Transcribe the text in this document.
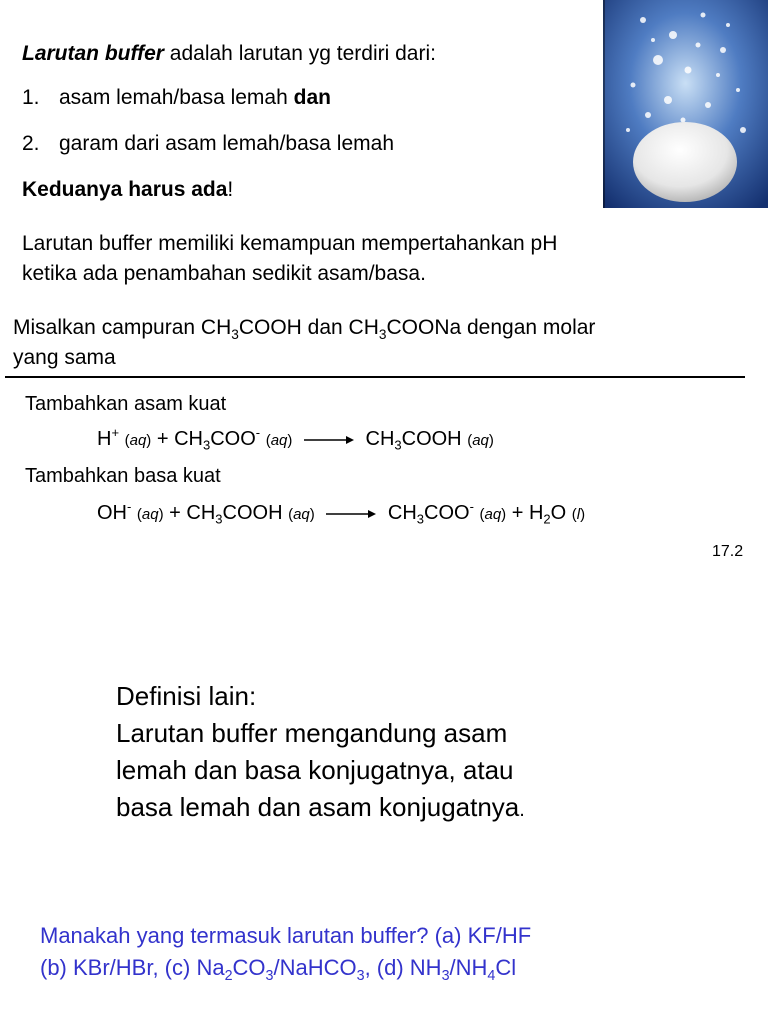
Larutan buffer adalah larutan yg terdiri dari:
1. asam lemah/basa lemah dan
2. garam dari asam lemah/basa lemah
Keduanya harus ada!
Larutan buffer memiliki kemampuan mempertahankan pH
ketika ada penambahan sedikit asam/basa.
Misalkan campuran $CH_3COOH$ dan $CH_3COONa$ dengan molar
yang sama
Tambahkan asam kuat
H+ $(aq) + CH_3COO^-$ $(aq) \to CH_3COOH$ (aq)
Tambahkan basa kuat
OH- $(aq) + CH_3COOH$ $(aq) \to CH_3COO^-$ $(aq) + H_2O$ (l)
17.2
Definisi lain:
Larutan buffer mengandung asam
lemah dan basa konjugatnya, atau
basa lemah dan asam konjugatnya.
Manakah yang termasuk larutan buffer? (a) KF/HF
(b) KBr/HBr, (c) $Na_2CO_3/NaHCO_3$, (d) $NH_3/NH_4Cl$
